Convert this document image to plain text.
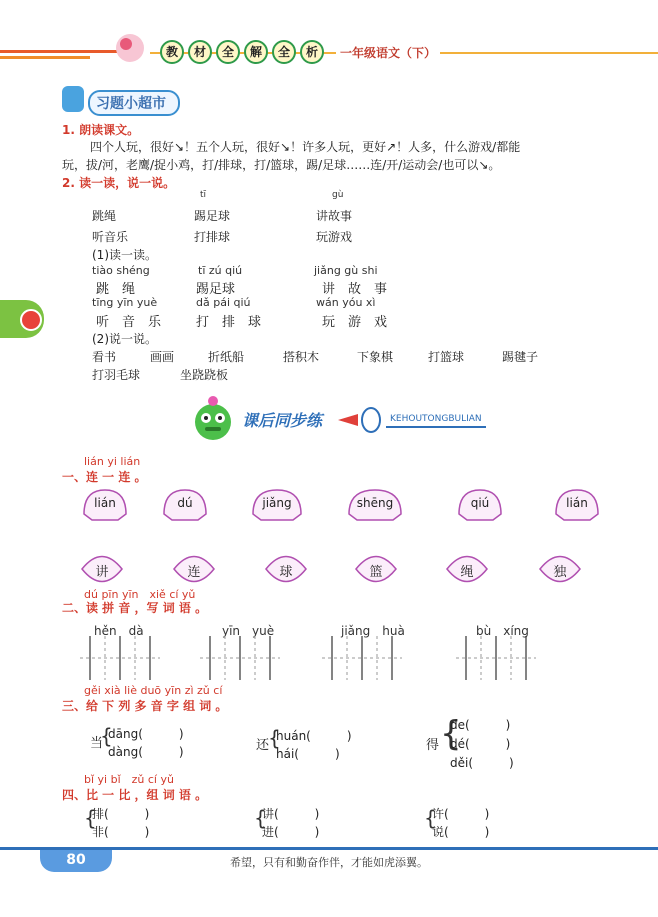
教	材	全	解	全	析	一年级语文（下）
习题小超市
1. 朗读课文。
四个人玩，很好↘！五个人玩，很好↘！许多人玩，更好↗！人多，什么游戏/都能
玩，拔/河，老鹰/捉小鸡，打/排球，打/篮球，踢/足球……连/开/运动会/也可以↘。
2. 读一读，说一说。
tī	gù
跳绳	踢足球	讲故事
听音乐	打排球	玩游戏
(1)读一读。
tiào shéng	tī zú qiú	jiǎng gù shi
跳　绳	踢足球	讲　故　事
tīng yīn yuè	dǎ pái qiú	wán yóu xì
听　音　乐	打　排　球	玩　游　戏
(2)说一说。
看书	画画	折纸船	搭积木	下象棋	打篮球	踢毽子
打羽毛球	坐跷跷板
课后同步练	KEHOUTONGBULIAN
lián yi lián
一、连 一 连 。
lián	dú	jiǎng	shēng	qiú	lián
讲	连	球	篮	绳	独
dú pīn yīn　xiě cí yǔ
二、读 拼 音 ，写 词 语 。
hěn　dà	yīn　yuè	jiǎng　huà	bù　xíng
gěi xià liè duō yīn zì zǔ cí
三、给 下 列 多 音 字 组 词 。
当
{
dāng(　　　)
dàng(　　　)	还
{
huán(　　　)
hái(　　　)
得 {
de(　　　)
dé(　　　)
děi(　　　)
bǐ yi bǐ　zǔ cí yǔ
四、比 一 比 ，组 词 语 。
{
排(　　　)
非(　　　)
{
讲(　　　)
进(　　　)
{
许(　　　)
说(　　　)
80	希望，只有和勤奋作伴，才能如虎添翼。
